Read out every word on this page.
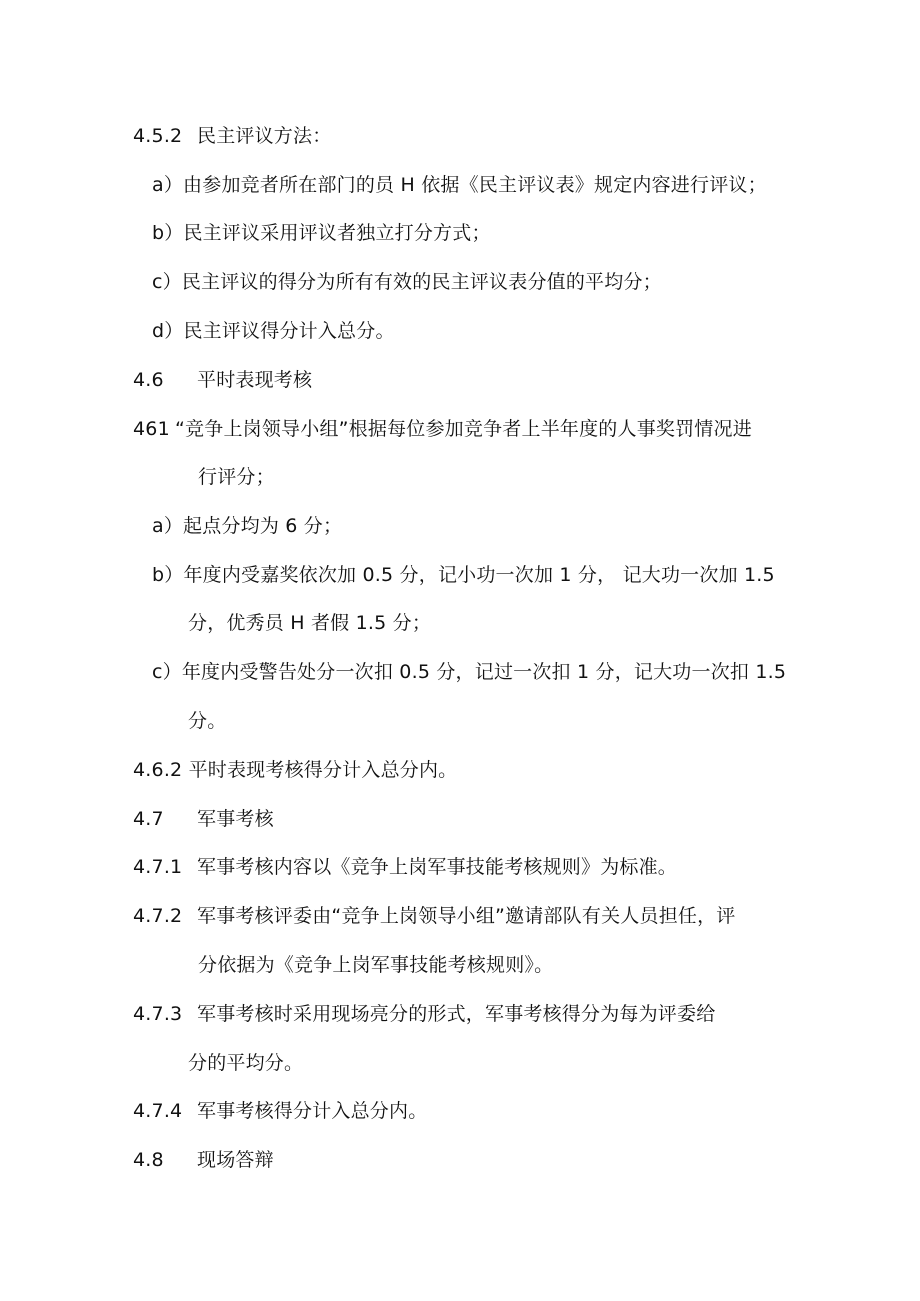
4.5.2 民主评议方法：
a）由参加竞者所在部门的员 H 依据《民主评议表》规定内容进行评议；
b）民主评议采用评议者独立打分方式；
c）民主评议的得分为所有有效的民主评议表分值的平均分；
d）民主评议得分计入总分。
4.6 平时表现考核
461 “竞争上岗领导小组”根据每位参加竞争者上半年度的人事奖罚情况进
行评分；
a）起点分均为 6 分；
b）年度内受嘉奖依次加 0.5 分，记小功一次加 1 分， 记大功一次加 1.5
分，优秀员 H 者假 1.5 分；
c）年度内受警告处分一次扣 0.5 分，记过一次扣 1 分，记大功一次扣 1.5
分。
4.6.2 平时表现考核得分计入总分内。
4.7 军事考核
4.7.1 军事考核内容以《竞争上岗军事技能考核规则》为标准。
4.7.2 军事考核评委由“竞争上岗领导小组”邀请部队有关人员担任，评
分依据为《竞争上岗军事技能考核规则》。
4.7.3 军事考核时采用现场亮分的形式，军事考核得分为每为评委给
分的平均分。
4.7.4 军事考核得分计入总分内。
4.8 现场答辩
